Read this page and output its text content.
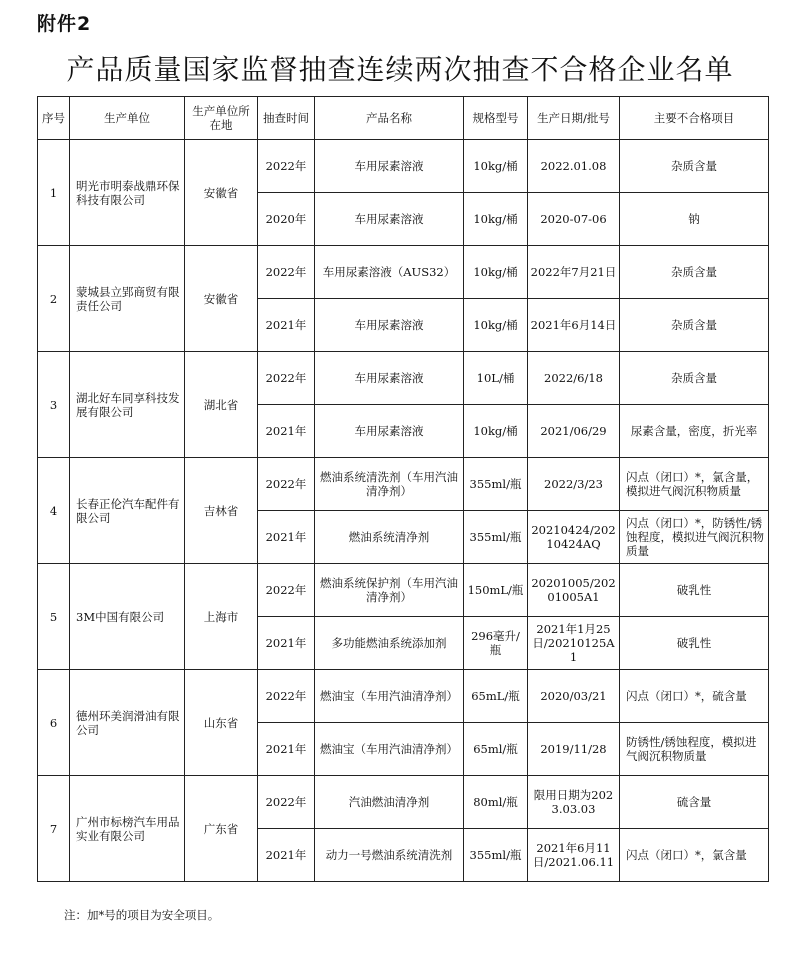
附件2
产品质量国家监督抽查连续两次抽查不合格企业名单
序号	生产单位	生产单位所在地	抽查时间	产品名称	规格型号	生产日期/批号	主要不合格项目
1	明光市明泰战鼎环保科技有限公司	安徽省	2022年	车用尿素溶液	10kg/桶	2022.01.08	杂质含量
			2020年	车用尿素溶液	10kg/桶	2020-07-06	钠
2	蒙城县立郢商贸有限责任公司	安徽省	2022年	车用尿素溶液（AUS32）	10kg/桶	2022年7月21日	杂质含量
			2021年	车用尿素溶液	10kg/桶	2021年6月14日	杂质含量
3	湖北好车同享科技发展有限公司	湖北省	2022年	车用尿素溶液	10L/桶	2022/6/18	杂质含量
			2021年	车用尿素溶液	10kg/桶	2021/06/29	尿素含量，密度，折光率
4	长春正伦汽车配件有限公司	吉林省	2022年	燃油系统清洗剂（车用汽油清净剂）	355ml/瓶	2022/3/23	闪点（闭口）*，氯含量，模拟进气阀沉积物质量
			2021年	燃油系统清净剂	355ml/瓶	20210424/20210424AQ	闪点（闭口）*，防锈性/锈蚀程度，模拟进气阀沉积物质量
5	3M中国有限公司	上海市	2022年	燃油系统保护剂（车用汽油清净剂）	150mL/瓶	20201005/20201005A1	破乳性
			2021年	多功能燃油系统添加剂	296毫升/瓶	2021年1月25日/20210125A1	破乳性
6	德州环美润滑油有限公司	山东省	2022年	燃油宝（车用汽油清净剂）	65mL/瓶	2020/03/21	闪点（闭口）*，硫含量
			2021年	燃油宝（车用汽油清净剂）	65ml/瓶	2019/11/28	防锈性/锈蚀程度，模拟进气阀沉积物质量
7	广州市标榜汽车用品实业有限公司	广东省	2022年	汽油燃油清净剂	80ml/瓶	限用日期为2023.03.03	硫含量
			2021年	动力一号燃油系统清洗剂	355ml/瓶	2021年6月11日/2021.06.11	闪点（闭口）*，氯含量
注：加*号的项目为安全项目。
